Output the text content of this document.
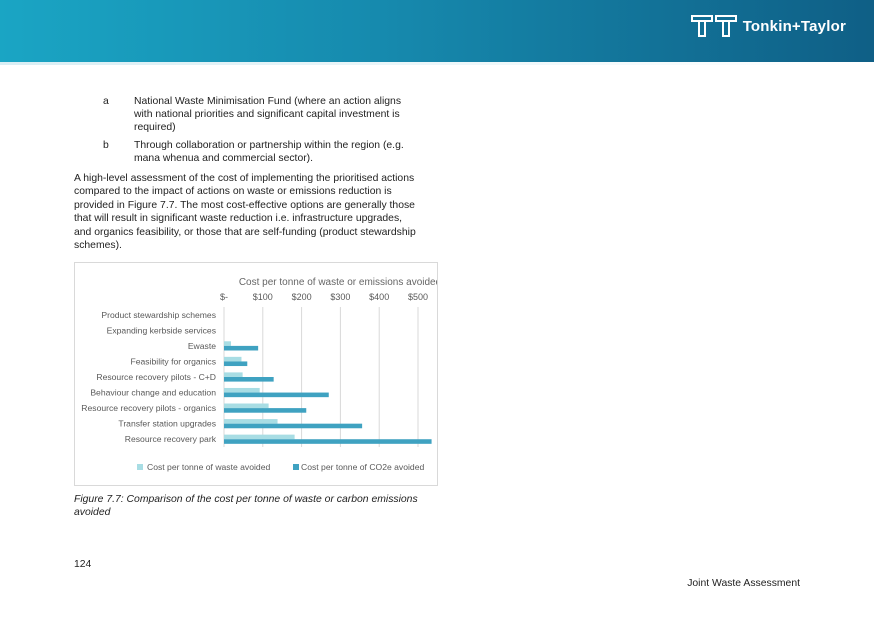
Tonkin+Taylor
a National Waste Minimisation Fund (where an action aligns with national priorities and significant capital investment is required)
b Through collaboration or partnership within the region (e.g. mana whenua and commercial sector).
A high-level assessment of the cost of implementing the prioritised actions compared to the impact of actions on waste or emissions reduction is provided in Figure 7.7. The most cost-effective options are generally those that will result in significant waste reduction i.e. infrastructure upgrades, and organics feasibility, or those that are self-funding (product stewardship schemes).
Cost per tonne of waste or emissions avoided
$-	$100 $200 $300 $400 $500
Product stewardship schemes
Expanding kerbside services
Ewaste
Feasibility for organics
Resource recovery pilots - C+D
Behaviour change and education
Resource recovery pilots - organics
Transfer station upgrades
Resource recovery park
Cost per tonne of waste avoided	Cost per tonne of CO2e avoided
Figure 7.7: Comparison of the cost per tonne of waste or carbon emissions avoided
124
Joint Waste Assessment
